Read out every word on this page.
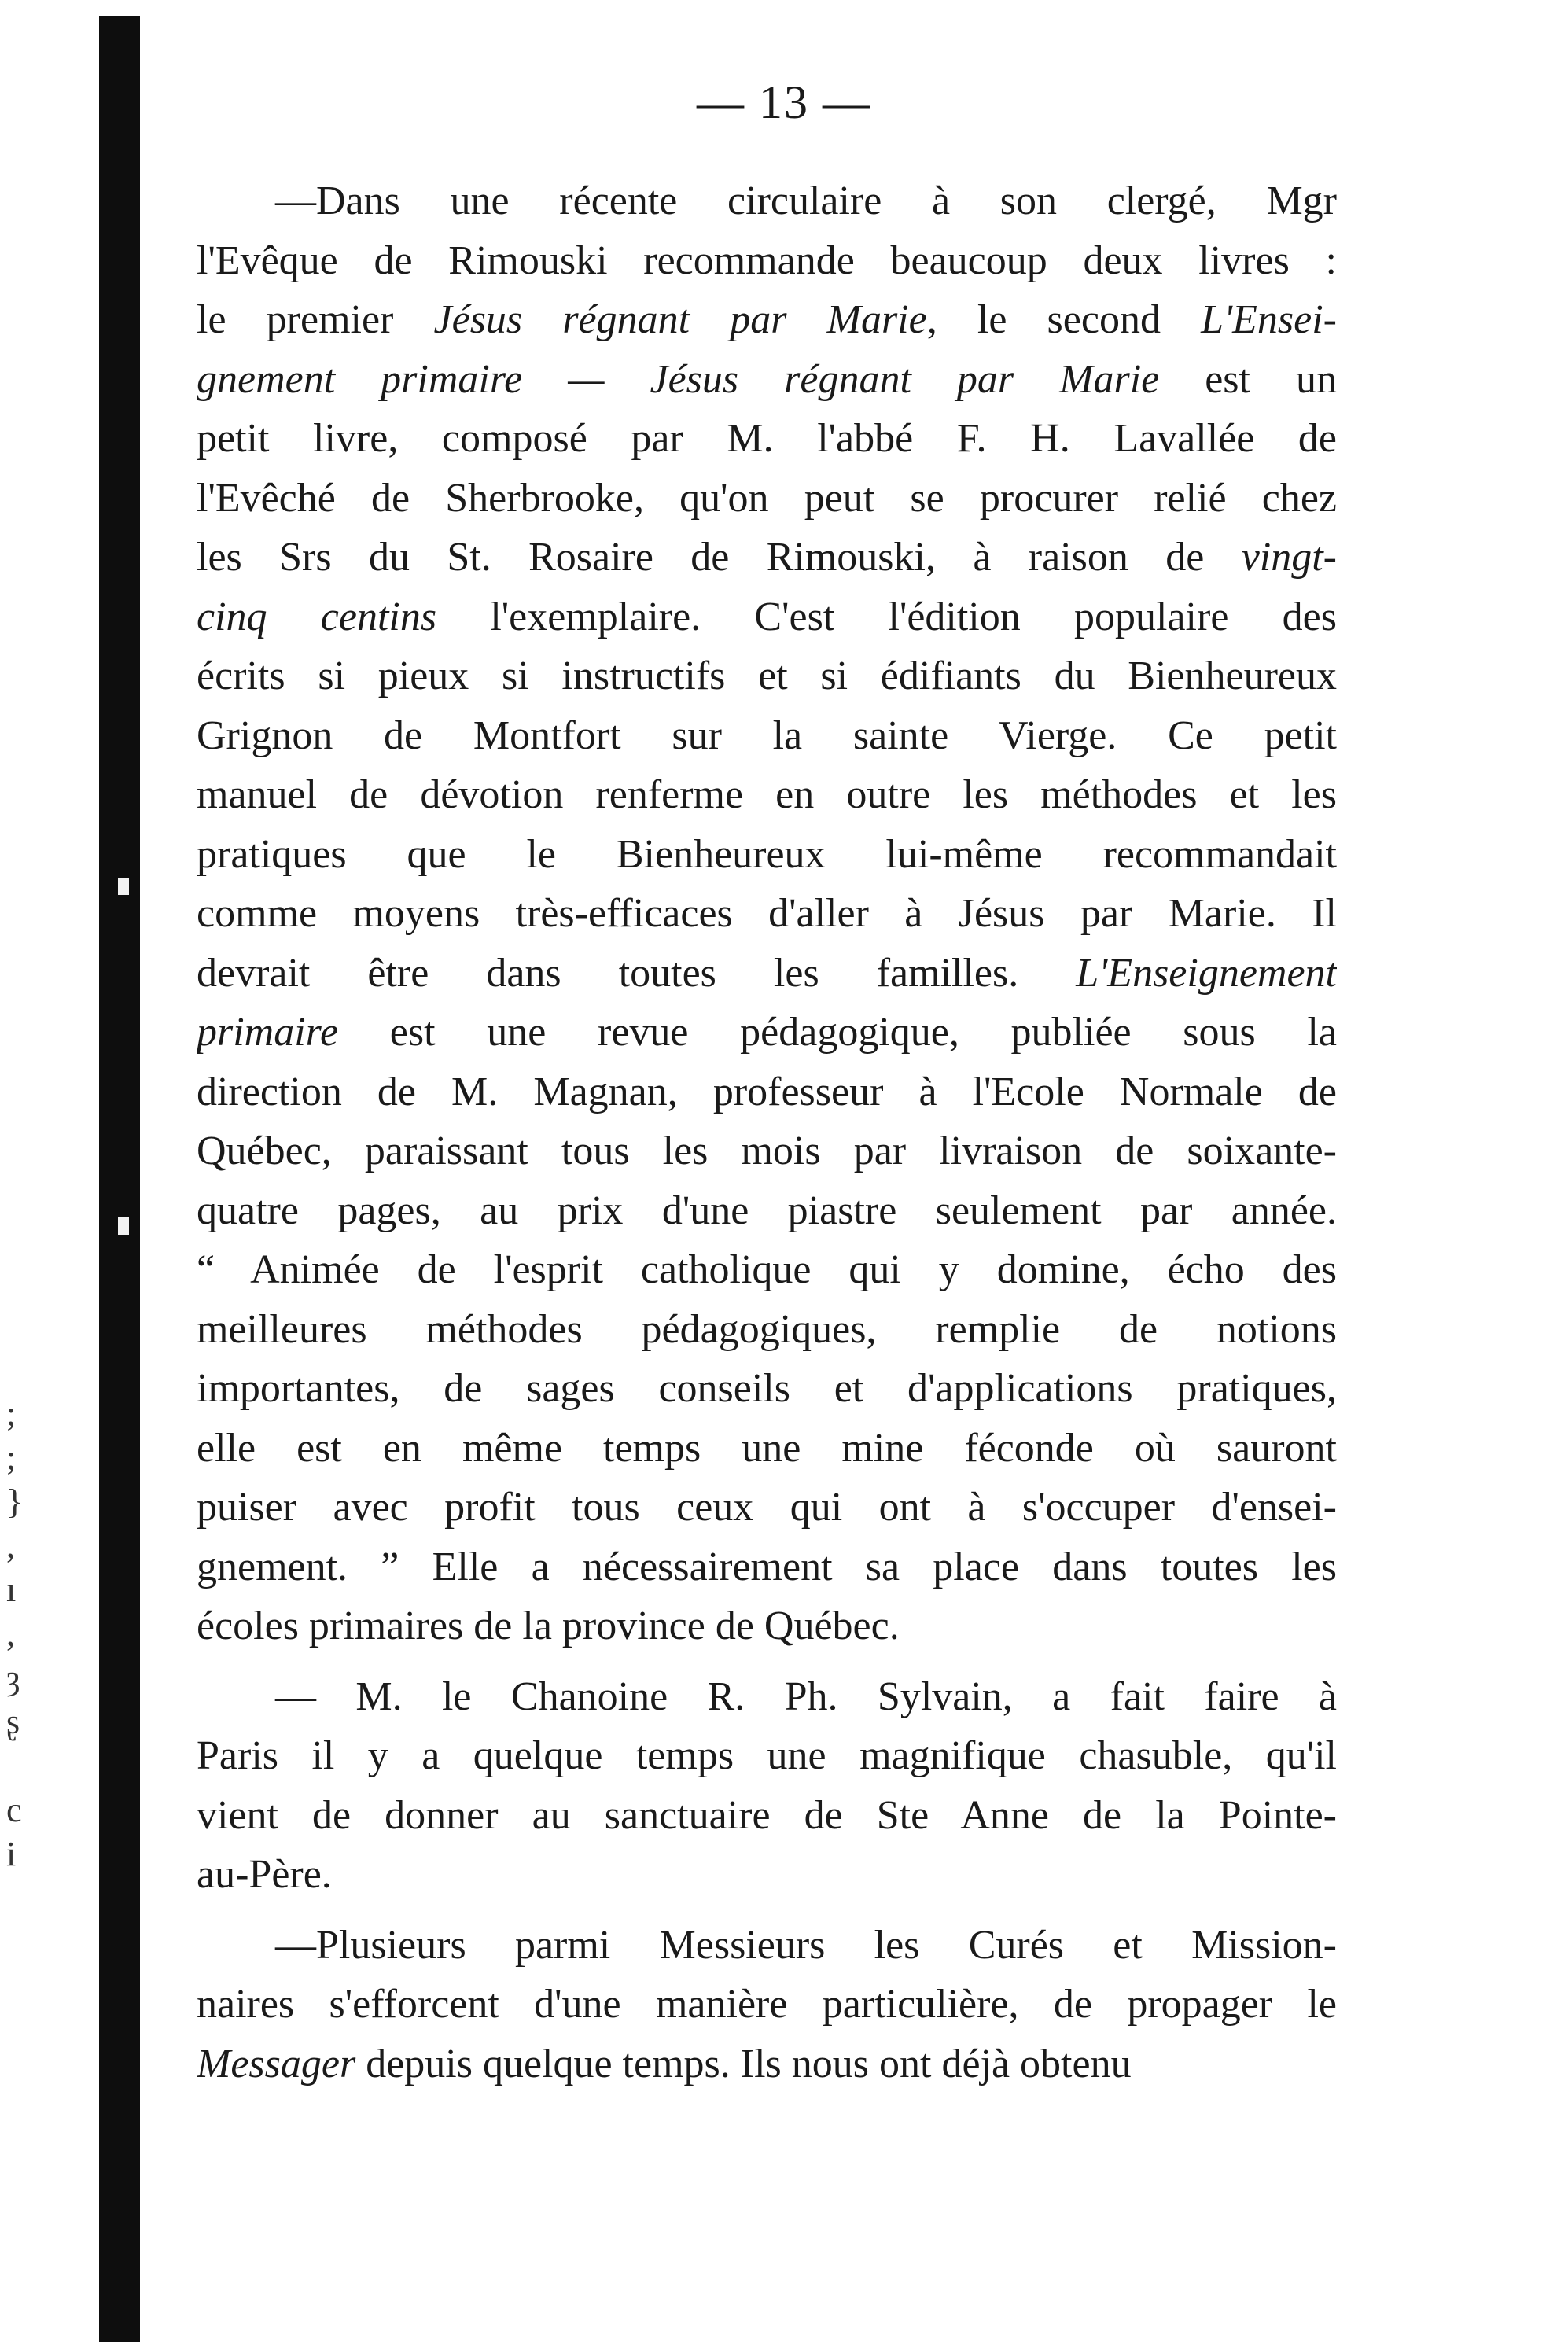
;
;
}
,
ı
,
ȝ
ʂ
c
i
— 13 —
—Dans une récente circulaire à son clergé, Mgr
l'Evêque de Rimouski recommande beaucoup deux livres :
le premier Jésus régnant par Marie, le second L'Ensei-
gnement primaire — Jésus régnant par Marie est un
petit livre, composé par M. l'abbé F. H. Lavallée de
l'Evêché de Sherbrooke, qu'on peut se procurer relié chez
les Srs du St. Rosaire de Rimouski, à raison de vingt-
cinq centins l'exemplaire. C'est l'édition populaire des
écrits si pieux si instructifs et si édifiants du Bienheureux
Grignon de Montfort sur la sainte Vierge. Ce petit
manuel de dévotion renferme en outre les méthodes et les
pratiques que le Bienheureux lui-même recommandait
comme moyens très-efficaces d'aller à Jésus par Marie. Il
devrait être dans toutes les familles. L'Enseignement
primaire est une revue pédagogique, publiée sous la
direction de M. Magnan, professeur à l'Ecole Normale de
Québec, paraissant tous les mois par livraison de soixante-
quatre pages, au prix d'une piastre seulement par année.
“ Animée de l'esprit catholique qui y domine, écho des
meilleures méthodes pédagogiques, remplie de notions
importantes, de sages conseils et d'applications pratiques,
elle est en même temps une mine féconde où sauront
puiser avec profit tous ceux qui ont à s'occuper d'ensei-
gnement. ” Elle a nécessairement sa place dans toutes les
écoles primaires de la province de Québec.
— M. le Chanoine R. Ph. Sylvain, a fait faire à
Paris il y a quelque temps une magnifique chasuble, qu'il
vient de donner au sanctuaire de Ste Anne de la Pointe-
au-Père.
—Plusieurs parmi Messieurs les Curés et Mission-
naires s'efforcent d'une manière particulière, de propager le
Messager depuis quelque temps. Ils nous ont déjà obtenu
